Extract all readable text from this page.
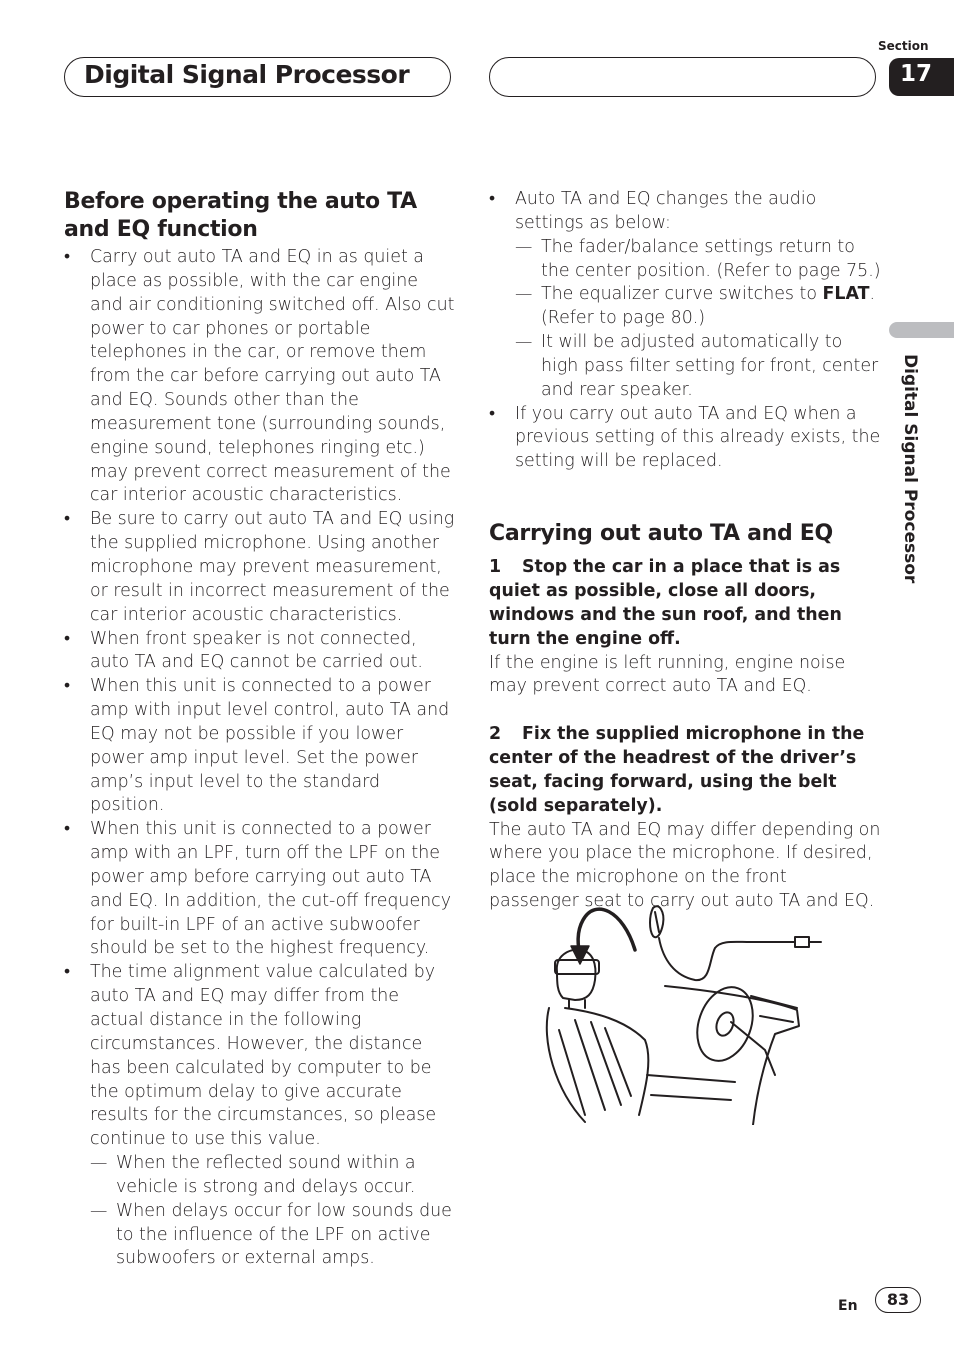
Digital Signal Processor
Section
17
Digital Signal Processor
Before operating the auto TA and EQ function
• Carry out auto TA and EQ in as quiet a place as possible, with the car engine and air conditioning switched off. Also cut power to car phones or portable telephones in the car, or remove them from the car before carrying out auto TA and EQ. Sounds other than the measurement tone (surrounding sounds, engine sound, telephones ringing etc.) may prevent correct measurement of the car interior acoustic characteristics.
• Be sure to carry out auto TA and EQ using the supplied microphone. Using another microphone may prevent measurement, or result in incorrect measurement of the car interior acoustic characteristics.
• When front speaker is not connected, auto TA and EQ cannot be carried out.
• When this unit is connected to a power amp with input level control, auto TA and EQ may not be possible if you lower power amp input level. Set the power amp’s input level to the standard position.
• When this unit is connected to a power amp with an LPF, turn off the LPF on the power amp before carrying out auto TA and EQ. In addition, the cut-off frequency for built-in LPF of an active subwoofer should be set to the highest frequency.
• The time alignment value calculated by auto TA and EQ may differ from the actual distance in the following circumstances. However, the distance has been calculated by computer to be the optimum delay to give accurate results for the circumstances, so please continue to use this value.
— When the reflected sound within a vehicle is strong and delays occur.
— When delays occur for low sounds due to the influence of the LPF on active subwoofers or external amps.
• Auto TA and EQ changes the audio settings as below:
— The fader/balance settings return to the center position. (Refer to page 75.)
— The equalizer curve switches to FLAT. (Refer to page 80.)
— It will be adjusted automatically to high pass filter setting for front, center and rear speaker.
• If you carry out auto TA and EQ when a previous setting of this already exists, the setting will be replaced.
Carrying out auto TA and EQ
1 Stop the car in a place that is as quiet as possible, close all doors, windows and the sun roof, and then turn the engine off.
If the engine is left running, engine noise may prevent correct auto TA and EQ.
2 Fix the supplied microphone in the center of the headrest of the driver’s seat, facing forward, using the belt (sold separately).
The auto TA and EQ may differ depending on where you place the microphone. If desired, place the microphone on the front passenger seat to carry out auto TA and EQ.
En	83
